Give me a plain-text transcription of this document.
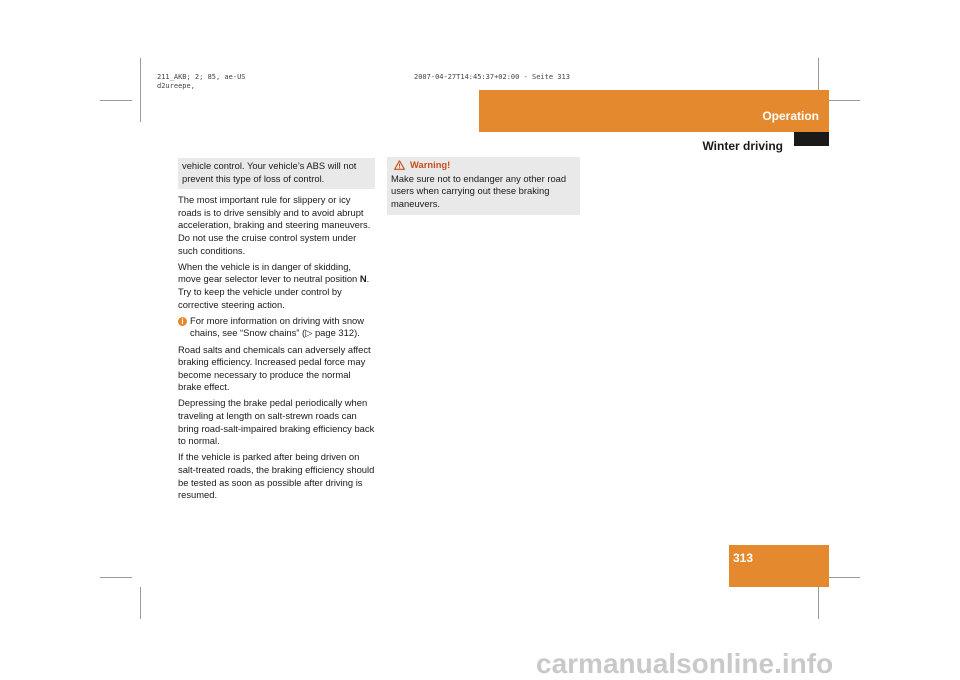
211_AKB; 2; 85, ae-US
d2ureepe,
2007-04-27T14:45:37+02:00 - Seite 313
Operation
Winter driving
vehicle control. Your vehicle’s ABS will not prevent this type of loss of control.

The most important rule for slippery or icy roads is to drive sensibly and to avoid abrupt acceleration, braking and steering maneuvers. Do not use the cruise control system under such conditions.

When the vehicle is in danger of skidding, move gear selector lever to neutral position N. Try to keep the vehicle under control by corrective steering action.

i For more information on driving with snow chains, see “Snow chains” (▷ page 312).

Road salts and chemicals can adversely affect braking efficiency. Increased pedal force may become necessary to produce the normal brake effect.

Depressing the brake pedal periodically when traveling at length on salt-strewn roads can bring road-salt-impaired braking efficiency back to normal.

If the vehicle is parked after being driven on salt-treated roads, the braking efficiency should be tested as soon as possible after driving is resumed.

Warning!
Make sure not to endanger any other road users when carrying out these braking maneuvers.
313
carmanualsonline.info
